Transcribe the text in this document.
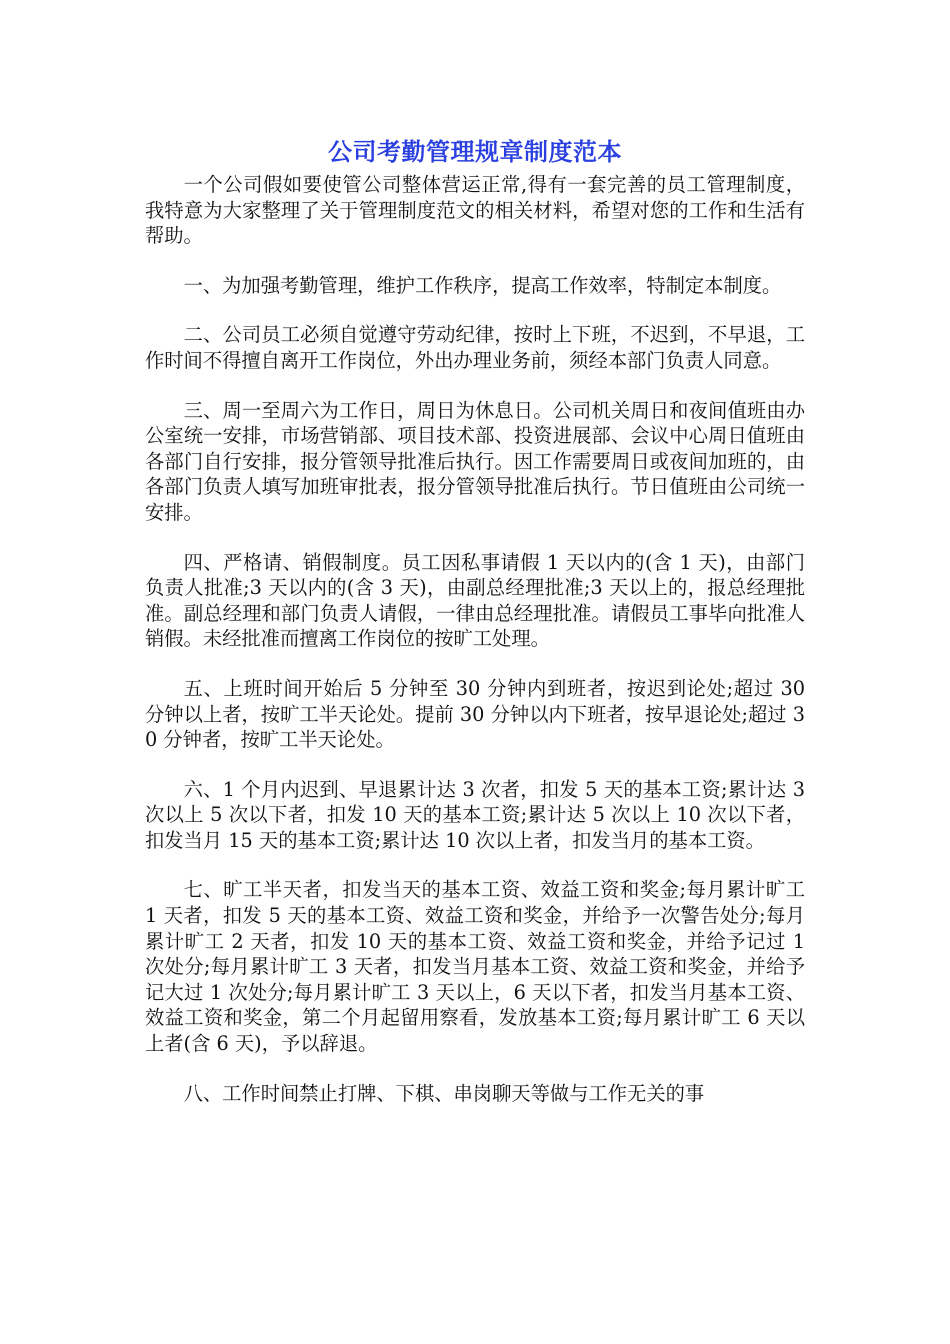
公司考勤管理规章制度范本

一个公司假如要使管公司整体营运正常,得有一套完善的员工管理制度，我特意为大家整理了关于管理制度范文的相关材料，希望对您的工作和生活有帮助。

一、为加强考勤管理，维护工作秩序，提高工作效率，特制定本制度。

二、公司员工必须自觉遵守劳动纪律，按时上下班，不迟到，不早退，工作时间不得擅自离开工作岗位，外出办理业务前，须经本部门负责人同意。

三、周一至周六为工作日，周日为休息日。公司机关周日和夜间值班由办公室统一安排，市场营销部、项目技术部、投资进展部、会议中心周日值班由各部门自行安排，报分管领导批准后执行。因工作需要周日或夜间加班的，由各部门负责人填写加班审批表，报分管领导批准后执行。节日值班由公司统一安排。

四、严格请、销假制度。员工因私事请假 1 天以内的(含 1 天)，由部门负责人批准;3 天以内的(含 3 天)，由副总经理批准;3 天以上的，报总经理批准。副总经理和部门负责人请假，一律由总经理批准。请假员工事毕向批准人销假。未经批准而擅离工作岗位的按旷工处理。

五、上班时间开始后 5 分钟至 30 分钟内到班者，按迟到论处;超过 30 分钟以上者，按旷工半天论处。提前 30 分钟以内下班者，按早退论处;超过 30 分钟者，按旷工半天论处。

六、1 个月内迟到、早退累计达 3 次者，扣发 5 天的基本工资;累计达 3 次以上 5 次以下者，扣发 10 天的基本工资;累计达 5 次以上 10 次以下者，扣发当月 15 天的基本工资;累计达 10 次以上者，扣发当月的基本工资。

七、旷工半天者，扣发当天的基本工资、效益工资和奖金;每月累计旷工 1 天者，扣发 5 天的基本工资、效益工资和奖金，并给予一次警告处分;每月累计旷工 2 天者，扣发 10 天的基本工资、效益工资和奖金，并给予记过 1 次处分;每月累计旷工 3 天者，扣发当月基本工资、效益工资和奖金，并给予记大过 1 次处分;每月累计旷工 3 天以上，6 天以下者，扣发当月基本工资、效益工资和奖金，第二个月起留用察看，发放基本工资;每月累计旷工 6 天以上者(含 6 天)，予以辞退。

八、工作时间禁止打牌、下棋、串岗聊天等做与工作无关的事
